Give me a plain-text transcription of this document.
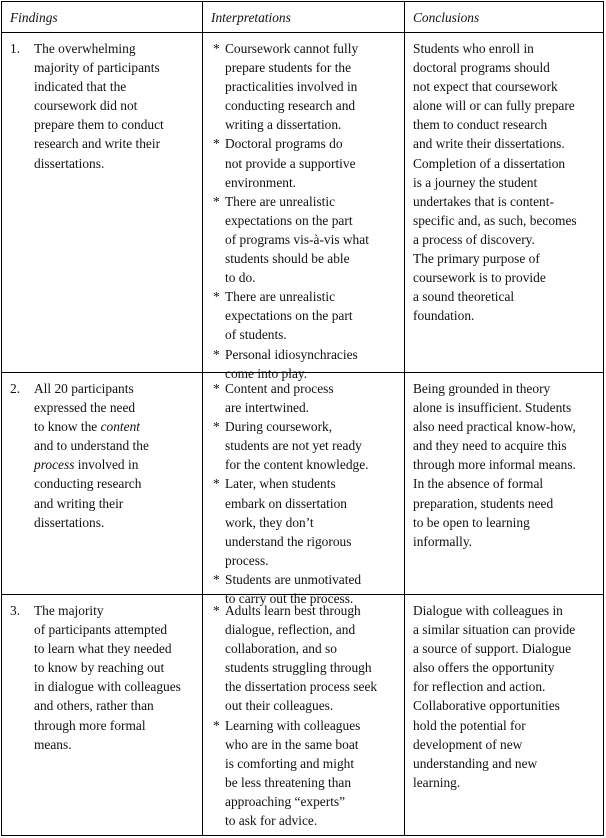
Findings	Interpretations	Conclusions
1. The overwhelming
majority of participants
indicated that the
coursework did not
prepare them to conduct
research and write their
dissertations.
* Coursework cannot fully
prepare students for the
practicalities involved in
conducting research and
writing a dissertation.
* Doctoral programs do
not provide a supportive
environment.
* There are unrealistic
expectations on the part
of programs vis-à-vis what
students should be able
to do.
* There are unrealistic
expectations on the part
of students.
* Personal idiosynchracies
come into play.
Students who enroll in
doctoral programs should
not expect that coursework
alone will or can fully prepare
them to conduct research
and write their dissertations.
Completion of a dissertation
is a journey the student
undertakes that is content-
specific and, as such, becomes
a process of discovery.
The primary purpose of
coursework is to provide
a sound theoretical
foundation.
2. All 20 participants
expressed the need
to know the content
and to understand the
process involved in
conducting research
and writing their
dissertations.
* Content and process
are intertwined.
* During coursework,
students are not yet ready
for the content knowledge.
* Later, when students
embark on dissertation
work, they don’t
understand the rigorous
process.
* Students are unmotivated
to carry out the process.
Being grounded in theory
alone is insufficient. Students
also need practical know-how,
and they need to acquire this
through more informal means.
In the absence of formal
preparation, students need
to be open to learning
informally.
3. The majority
of participants attempted
to learn what they needed
to know by reaching out
in dialogue with colleagues
and others, rather than
through more formal
means.
* Adults learn best through
dialogue, reflection, and
collaboration, and so
students struggling through
the dissertation process seek
out their colleagues.
* Learning with colleagues
who are in the same boat
is comforting and might
be less threatening than
approaching “experts”
to ask for advice.
Dialogue with colleagues in
a similar situation can provide
a source of support. Dialogue
also offers the opportunity
for reflection and action.
Collaborative opportunities
hold the potential for
development of new
understanding and new
learning.
